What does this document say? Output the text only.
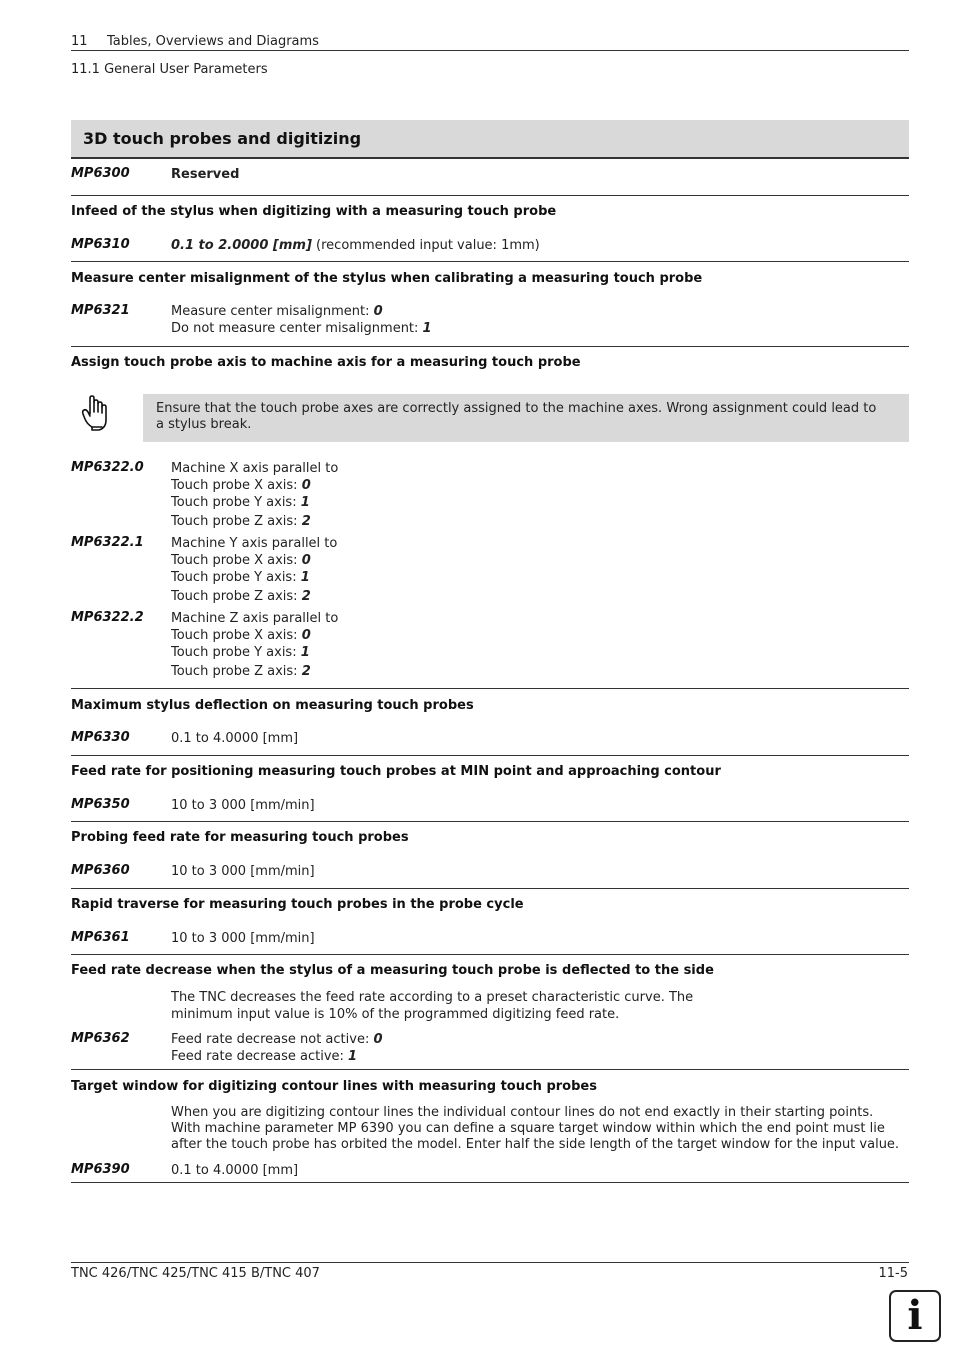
11 Tables, Overviews and Diagrams
11.1 General User Parameters
3D touch probes and digitizing
MP6300	Reserved
Infeed of the stylus when digitizing with a measuring touch probe
MP6310	0.1 to 2.0000 [mm] (recommended input value: 1mm)
Measure center misalignment of the stylus when calibrating a measuring touch probe
MP6321	Measure center misalignment: 0
Do not measure center misalignment: 1
Assign touch probe axis to machine axis for a measuring touch probe
Ensure that the touch probe axes are correctly assigned to the machine axes. Wrong assignment could lead to a stylus break.
MP6322.0 Machine X axis parallel to
Touch probe X axis: 0
Touch probe Y axis: 1
Touch probe Z axis: 2
MP6322.1 Machine Y axis parallel to
Touch probe X axis: 0
Touch probe Y axis: 1
Touch probe Z axis: 2
MP6322.2 Machine Z axis parallel to
Touch probe X axis: 0
Touch probe Y axis: 1
Touch probe Z axis: 2
Maximum stylus deflection on measuring touch probes
MP6330	0.1 to 4.0000 [mm]
Feed rate for positioning measuring touch probes at MIN point and approaching contour
MP6350	10 to 3 000 [mm/min]
Probing feed rate for measuring touch probes
MP6360	10 to 3 000 [mm/min]
Rapid traverse for measuring touch probes in the probe cycle
MP6361	10 to 3 000 [mm/min]
Feed rate decrease when the stylus of a measuring touch probe is deflected to the side
The TNC decreases the feed rate according to a preset characteristic curve. The
minimum input value is 10% of the programmed digitizing feed rate.
MP6362	Feed rate decrease not active: 0
Feed rate decrease active: 1
Target window for digitizing contour lines with measuring touch probes
When you are digitizing contour lines the individual contour lines do not end exactly in their starting points. With machine parameter MP 6390 you can define a square target window within which the end point must lie after the touch probe has orbited the model. Enter half the side length of the target window for the input value.
MP6390	0.1 to 4.0000 [mm]
TNC 426/TNC 425/TNC 415 B/TNC 407	11-5
i
